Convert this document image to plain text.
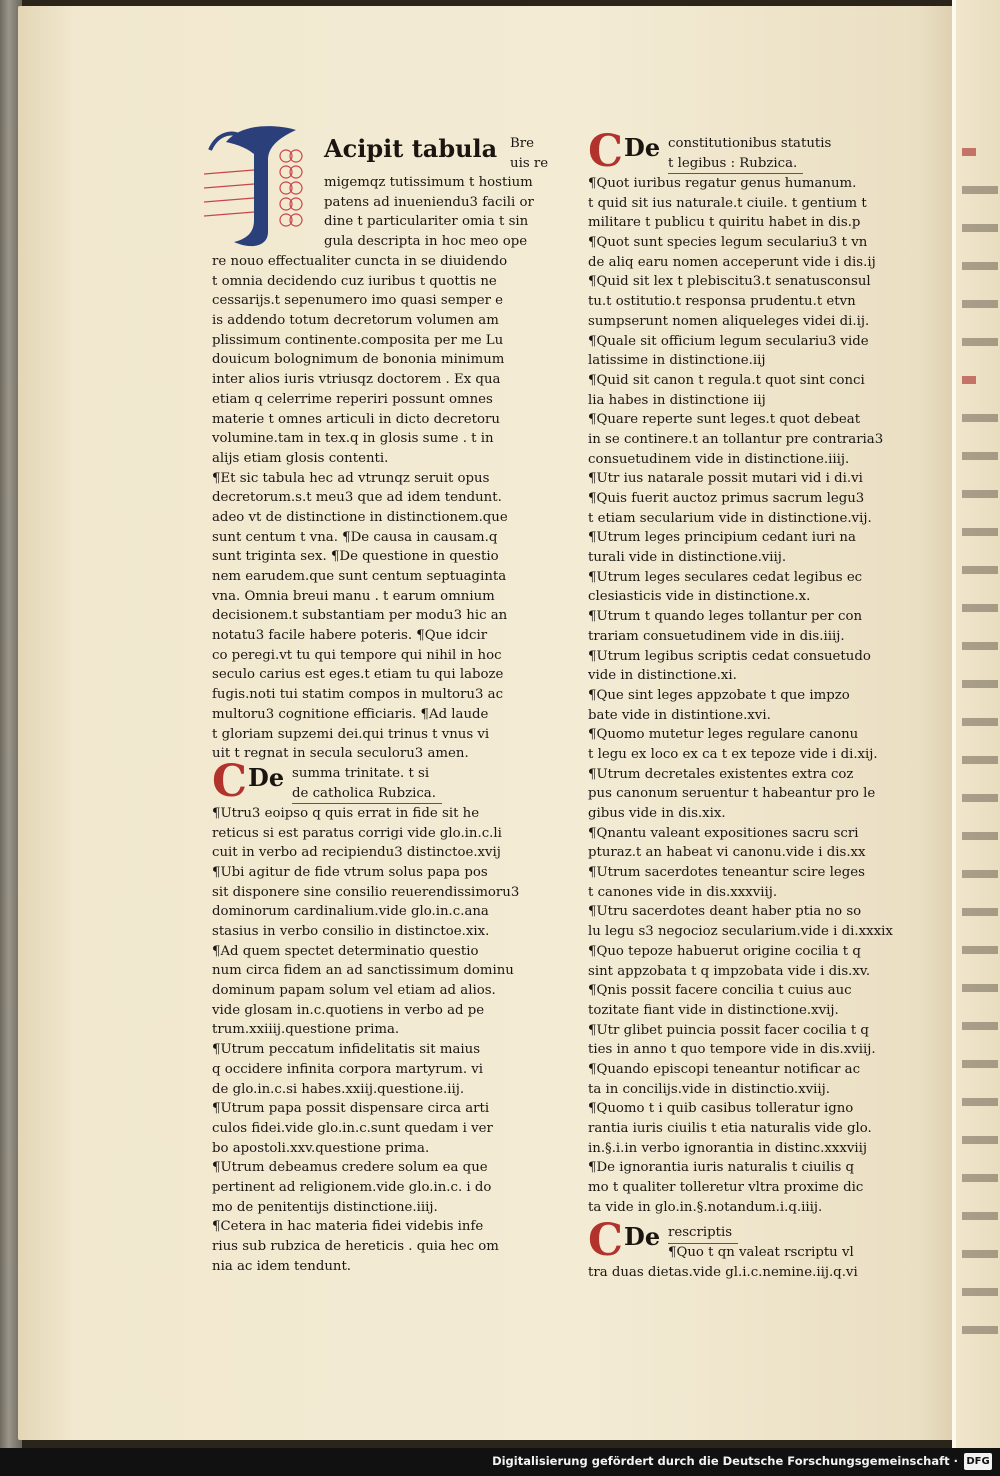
Acipit tabula Bre
uis re
migemqz tutissimum t hostium
patens ad inueniendu3 facili or
dine t particulariter omia t sin
gula descripta in hoc meo ope
re nouo effectualiter cuncta in se diuidendo
t omnia decidendo cuz iuribus t quottis ne
cessarijs.t sepenumero imo quasi semper e
is addendo totum decretorum volumen am
plissimum continente.composita per me Lu
douicum bolognimum de bononia minimum
inter alios iuris vtriusqz doctorem . Ex qua
etiam q celerrime reperiri possunt omnes
materie t omnes articuli in dicto decretoru
volumine.tam in tex.q in glosis sume . t in
alijs etiam glosis contenti.
¶Et sic tabula hec ad vtrunqz seruit opus
decretorum.s.t meu3 que ad idem tendunt.
adeo vt de distinctione in distinctionem.que
sunt centum t vna. ¶De causa in causam.q
sunt triginta sex. ¶De questione in questio
nem earudem.que sunt centum septuaginta
vna. Omnia breui manu . t earum omnium
decisionem.t substantiam per modu3 hic an
notatu3 facile habere poteris. ¶Que idcir
co peregi.vt tu qui tempore qui nihil in hoc
seculo carius est eges.t etiam tu qui laboze
fugis.noti tui statim compos in multoru3 ac
multoru3 cognitione efficiaris. ¶Ad laude
t gloriam supzemi dei.qui trinus t vnus vi
uit t regnat in secula seculoru3 amen.
C De summa trinitate. t si
de catholica Rubzica.
¶Utru3 eoipso q quis errat in fide sit he
reticus si est paratus corrigi vide glo.in.c.li
cuit in verbo ad recipiendu3 distinctoe.xvij
¶Ubi agitur de fide vtrum solus papa pos
sit disponere sine consilio reuerendissimoru3
dominorum cardinalium.vide glo.in.c.ana
stasius in verbo consilio in distinctoe.xix.
¶Ad quem spectet determinatio questio
num circa fidem an ad sanctissimum dominu
dominum papam solum vel etiam ad alios.
vide glosam in.c.quotiens in verbo ad pe
trum.xxiiij.questione prima.
¶Utrum peccatum infidelitatis sit maius
q occidere infinita corpora martyrum. vi
de glo.in.c.si habes.xxiij.questione.iij.
¶Utrum papa possit dispensare circa arti
culos fidei.vide glo.in.c.sunt quedam i ver
bo apostoli.xxv.questione prima.
¶Utrum debeamus credere solum ea que
pertinent ad religionem.vide glo.in.c. i do
mo de penitentijs distinctione.iiij.
¶Cetera in hac materia fidei videbis infe
rius sub rubzica de hereticis . quia hec om
nia ac idem tendunt.
C De constitutionibus statutis
t legibus : Rubzica.
¶Quot iuribus regatur genus humanum.
t quid sit ius naturale.t ciuile. t gentium t
militare t publicu t quiritu habet in dis.p
¶Quot sunt species legum seculariu3 t vn
de aliq earu nomen acceperunt vide i dis.ij
¶Quid sit lex t plebiscitu3.t senatusconsul
tu.t ostitutio.t responsa prudentu.t etvn
sumpserunt nomen aliqueleges videi di.ij.
¶Quale sit officium legum seculariu3 vide
latissime in distinctione.iij
¶Quid sit canon t regula.t quot sint conci
lia habes in distinctione iij
¶Quare reperte sunt leges.t quot debeat
in se continere.t an tollantur pre contraria3
consuetudinem vide in distinctione.iiij.
¶Utr ius natarale possit mutari vid i di.vi
¶Quis fuerit auctoz primus sacrum legu3
t etiam secularium vide in distinctione.vij.
¶Utrum leges principium cedant iuri na
turali vide in distinctione.viij.
¶Utrum leges seculares cedat legibus ec
clesiasticis vide in distinctione.x.
¶Utrum t quando leges tollantur per con
trariam consuetudinem vide in dis.iiij.
¶Utrum legibus scriptis cedat consuetudo
vide in distinctione.xi.
¶Que sint leges appzobate t que impzo
bate vide in distintione.xvi.
¶Quomo mutetur leges regulare canonu
t legu ex loco ex ca t ex tepoze vide i di.xij.
¶Utrum decretales existentes extra coz
pus canonum seruentur t habeantur pro le
gibus vide in dis.xix.
¶Qnantu valeant expositiones sacru scri
pturaz.t an habeat vi canonu.vide i dis.xx
¶Utrum sacerdotes teneantur scire leges
t canones vide in dis.xxxviij.
¶Utru sacerdotes deant haber ptia no so
lu legu s3 negocioz secularium.vide i di.xxxix
¶Quo tepoze habuerut origine cocilia t q
sint appzobata t q impzobata vide i dis.xv.
¶Qnis possit facere concilia t cuius auc
tozitate fiant vide in distinctione.xvij.
¶Utr glibet puincia possit facer cocilia t q
ties in anno t quo tempore vide in dis.xviij.
¶Quando episcopi teneantur notificar ac
ta in concilijs.vide in distinctio.xviij.
¶Quomo t i quib casibus tolleratur igno
rantia iuris ciuilis t etia naturalis vide glo.
in.§.i.in verbo ignorantia in distinc.xxxviij
¶De ignorantia iuris naturalis t ciuilis q
mo t qualiter tolleretur vltra proxime dic
ta vide in glo.in.§.notandum.i.q.iiij.
C De rescriptis
¶Quo t qn valeat rscriptu vl
tra duas dietas.vide gl.i.c.nemine.iij.q.vi
Digitalisierung gefördert durch die Deutsche Forschungsgemeinschaft · DFG
